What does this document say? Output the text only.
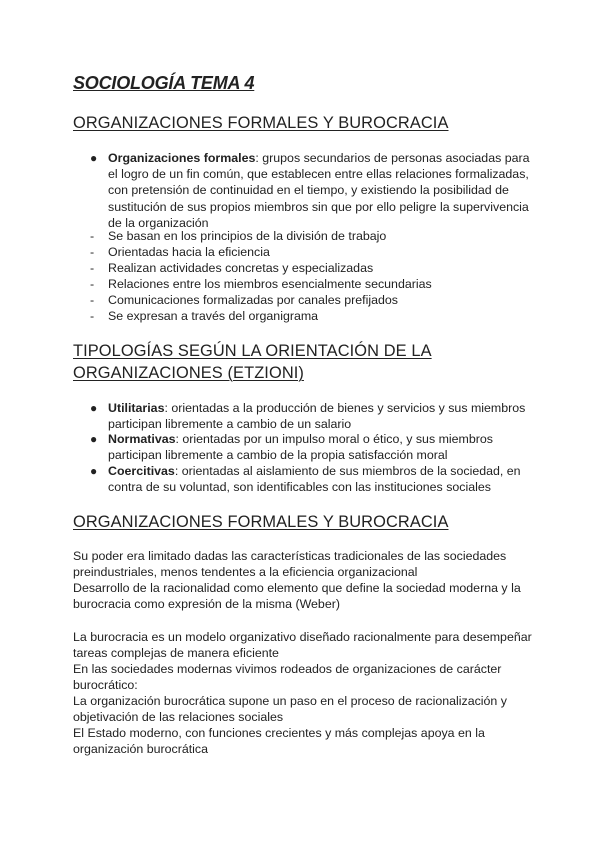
SOCIOLOGÍA TEMA 4
ORGANIZACIONES FORMALES Y BUROCRACIA
● Organizaciones formales: grupos secundarios de personas asociadas para el logro de un fin común, que establecen entre ellas relaciones formalizadas, con pretensión de continuidad en el tiempo, y existiendo la posibilidad de sustitución de sus propios miembros sin que por ello peligre la supervivencia de la organización
- Se basan en los principios de la división de trabajo
- Orientadas hacia la eficiencia
- Realizan actividades concretas y especializadas
- Relaciones entre los miembros esencialmente secundarias
- Comunicaciones formalizadas por canales prefijados
- Se expresan a través del organigrama
TIPOLOGÍAS SEGÚN LA ORIENTACIÓN DE LA ORGANIZACIONES (ETZIONI)
● Utilitarias: orientadas a la producción de bienes y servicios y sus miembros participan libremente a cambio de un salario
● Normativas: orientadas por un impulso moral o ético, y sus miembros participan libremente a cambio de la propia satisfacción moral
● Coercitivas: orientadas al aislamiento de sus miembros de la sociedad, en contra de su voluntad, son identificables con las instituciones sociales
ORGANIZACIONES FORMALES Y BUROCRACIA
Su poder era limitado dadas las características tradicionales de las sociedades preindustriales, menos tendentes a la eficiencia organizacional
Desarrollo de la racionalidad como elemento que define la sociedad moderna y la burocracia como expresión de la misma (Weber)
La burocracia es un modelo organizativo diseñado racionalmente para desempeñar tareas complejas de manera eficiente
En las sociedades modernas vivimos rodeados de organizaciones de carácter burocrático:
La organización burocrática supone un paso en el proceso de racionalización y objetivación de las relaciones sociales
El Estado moderno, con funciones crecientes y más complejas apoya en la organización burocrática
